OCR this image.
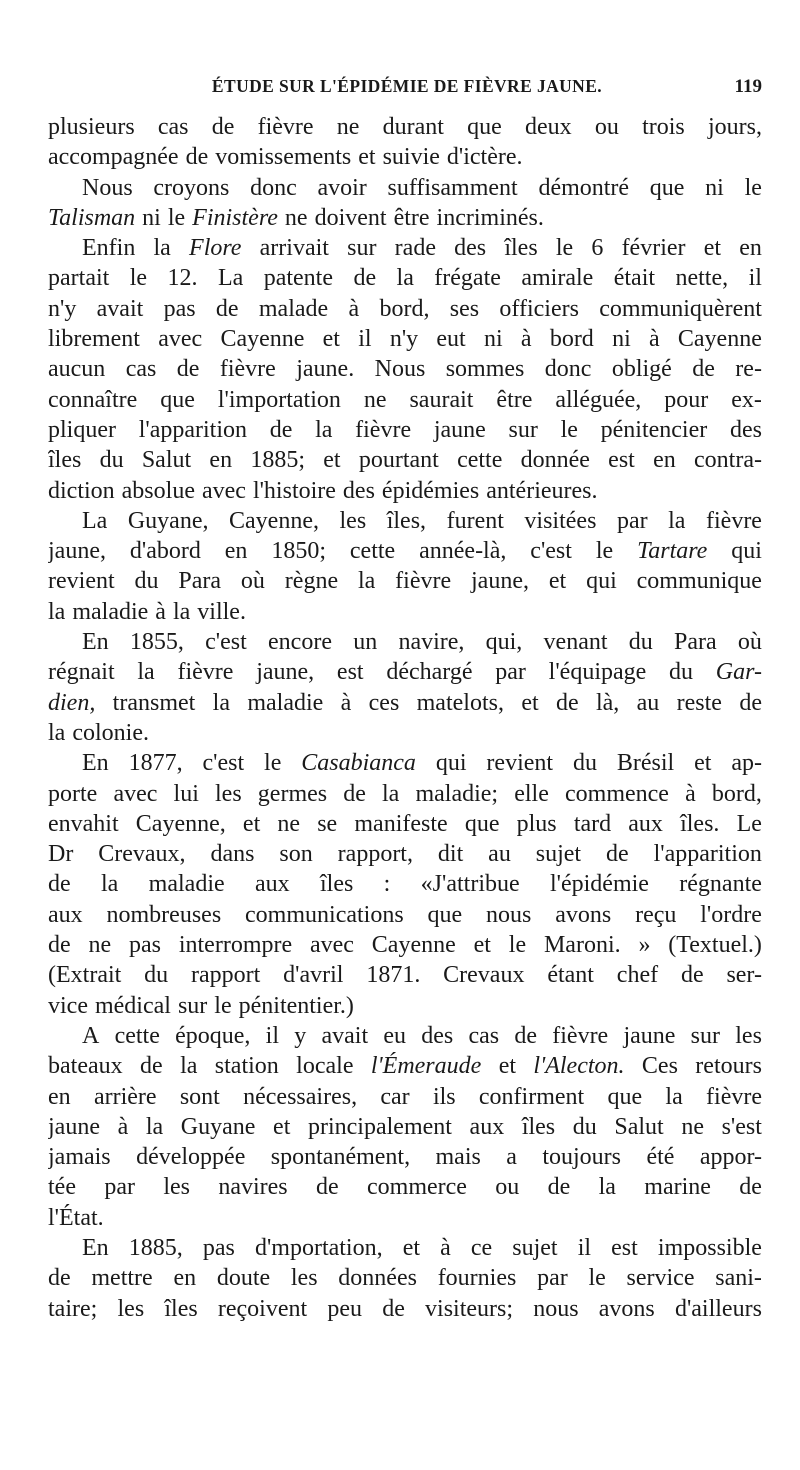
ÉTUDE SUR L'ÉPIDÉMIE DE FIÈVRE JAUNE.	119
plusieurs cas de fièvre ne durant que deux ou trois jours,
accompagnée de vomissements et suivie d'ictère.
Nous croyons donc avoir suffisamment démontré que ni le
Talisman ni le Finistère ne doivent être incriminés.
Enfin la Flore arrivait sur rade des îles le 6 février et en
partait le 12. La patente de la frégate amirale était nette, il
n'y avait pas de malade à bord, ses officiers communiquèrent
librement avec Cayenne et il n'y eut ni à bord ni à Cayenne
aucun cas de fièvre jaune. Nous sommes donc obligé de re-
connaître que l'importation ne saurait être alléguée, pour ex-
pliquer l'apparition de la fièvre jaune sur le pénitencier des
îles du Salut en 1885; et pourtant cette donnée est en contra-
diction absolue avec l'histoire des épidémies antérieures.
La Guyane, Cayenne, les îles, furent visitées par la fièvre
jaune, d'abord en 1850; cette année-là, c'est le Tartare qui
revient du Para où règne la fièvre jaune, et qui communique
la maladie à la ville.
En 1855, c'est encore un navire, qui, venant du Para où
régnait la fièvre jaune, est déchargé par l'équipage du Gar-
dien, transmet la maladie à ces matelots, et de là, au reste de
la colonie.
En 1877, c'est le Casabianca qui revient du Brésil et ap-
porte avec lui les germes de la maladie; elle commence à bord,
envahit Cayenne, et ne se manifeste que plus tard aux îles. Le
Dr Crevaux, dans son rapport, dit au sujet de l'apparition
de la maladie aux îles : «J'attribue l'épidémie régnante
aux nombreuses communications que nous avons reçu l'ordre
de ne pas interrompre avec Cayenne et le Maroni. » (Textuel.)
(Extrait du rapport d'avril 1871. Crevaux étant chef de ser-
vice médical sur le pénitentier.)
A cette époque, il y avait eu des cas de fièvre jaune sur les
bateaux de la station locale l'Émeraude et l'Alecton. Ces retours
en arrière sont nécessaires, car ils confirment que la fièvre
jaune à la Guyane et principalement aux îles du Salut ne s'est
jamais développée spontanément, mais a toujours été appor-
tée par les navires de commerce ou de la marine de
l'État.
En 1885, pas d'mportation, et à ce sujet il est impossible
de mettre en doute les données fournies par le service sani-
taire; les îles reçoivent peu de visiteurs; nous avons d'ailleurs
